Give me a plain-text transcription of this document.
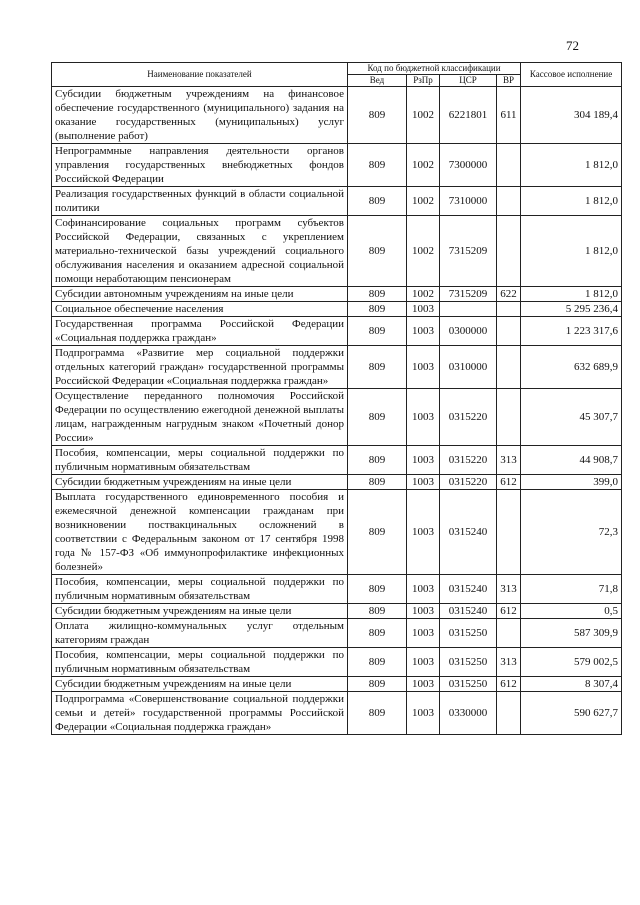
72
Наименование показателей	Код по бюджетной классификации				Кассовое исполнение
	Вед	РзПр	ЦСР	ВР	
Субсидии бюджетным учреждениям на финансовое обеспечение государственного (муниципального) задания на оказание государственных (муниципальных) услуг (выполнение работ)	809	1002	6221801	611	304 189,4
Непрограммные направления деятельности органов управления государственных внебюджетных фондов Российской Федерации	809	1002	7300000		1 812,0
Реализация государственных функций в области социальной политики	809	1002	7310000		1 812,0
Софинансирование социальных программ субъектов Российской Федерации, связанных с укреплением материально-технической базы учреждений социального обслуживания населения и оказанием адресной социальной помощи неработающим пенсионерам	809	1002	7315209		1 812,0
Субсидии автономным учреждениям на иные цели	809	1002	7315209	622	1 812,0
Социальное обеспечение населения	809	1003			5 295 236,4
Государственная программа Российской Федерации «Социальная поддержка граждан»	809	1003	0300000		1 223 317,6
Подпрограмма «Развитие мер социальной поддержки отдельных категорий граждан» государственной программы Российской Федерации «Социальная поддержка граждан»	809	1003	0310000		632 689,9
Осуществление переданного полномочия Российской Федерации по осуществлению ежегодной денежной выплаты лицам, награжденным нагрудным знаком «Почетный донор России»	809	1003	0315220		45 307,7
Пособия, компенсации, меры социальной поддержки по публичным нормативным обязательствам	809	1003	0315220	313	44 908,7
Субсидии бюджетным учреждениям на иные цели	809	1003	0315220	612	399,0
Выплата государственного единовременного пособия и ежемесячной денежной компенсации гражданам при возникновении поствакцинальных осложнений в соответствии с Федеральным законом от 17 сентября 1998 года № 157-ФЗ «Об иммунопрофилактике инфекционных болезней»	809	1003	0315240		72,3
Пособия, компенсации, меры социальной поддержки по публичным нормативным обязательствам	809	1003	0315240	313	71,8
Субсидии бюджетным учреждениям на иные цели	809	1003	0315240	612	0,5
Оплата жилищно-коммунальных услуг отдельным категориям граждан	809	1003	0315250		587 309,9
Пособия, компенсации, меры социальной поддержки по публичным нормативным обязательствам	809	1003	0315250	313	579 002,5
Субсидии бюджетным учреждениям на иные цели	809	1003	0315250	612	8 307,4
Подпрограмма «Совершенствование социальной поддержки семьи и детей» государственной программы Российской Федерации «Социальная поддержка граждан»	809	1003	0330000		590 627,7
